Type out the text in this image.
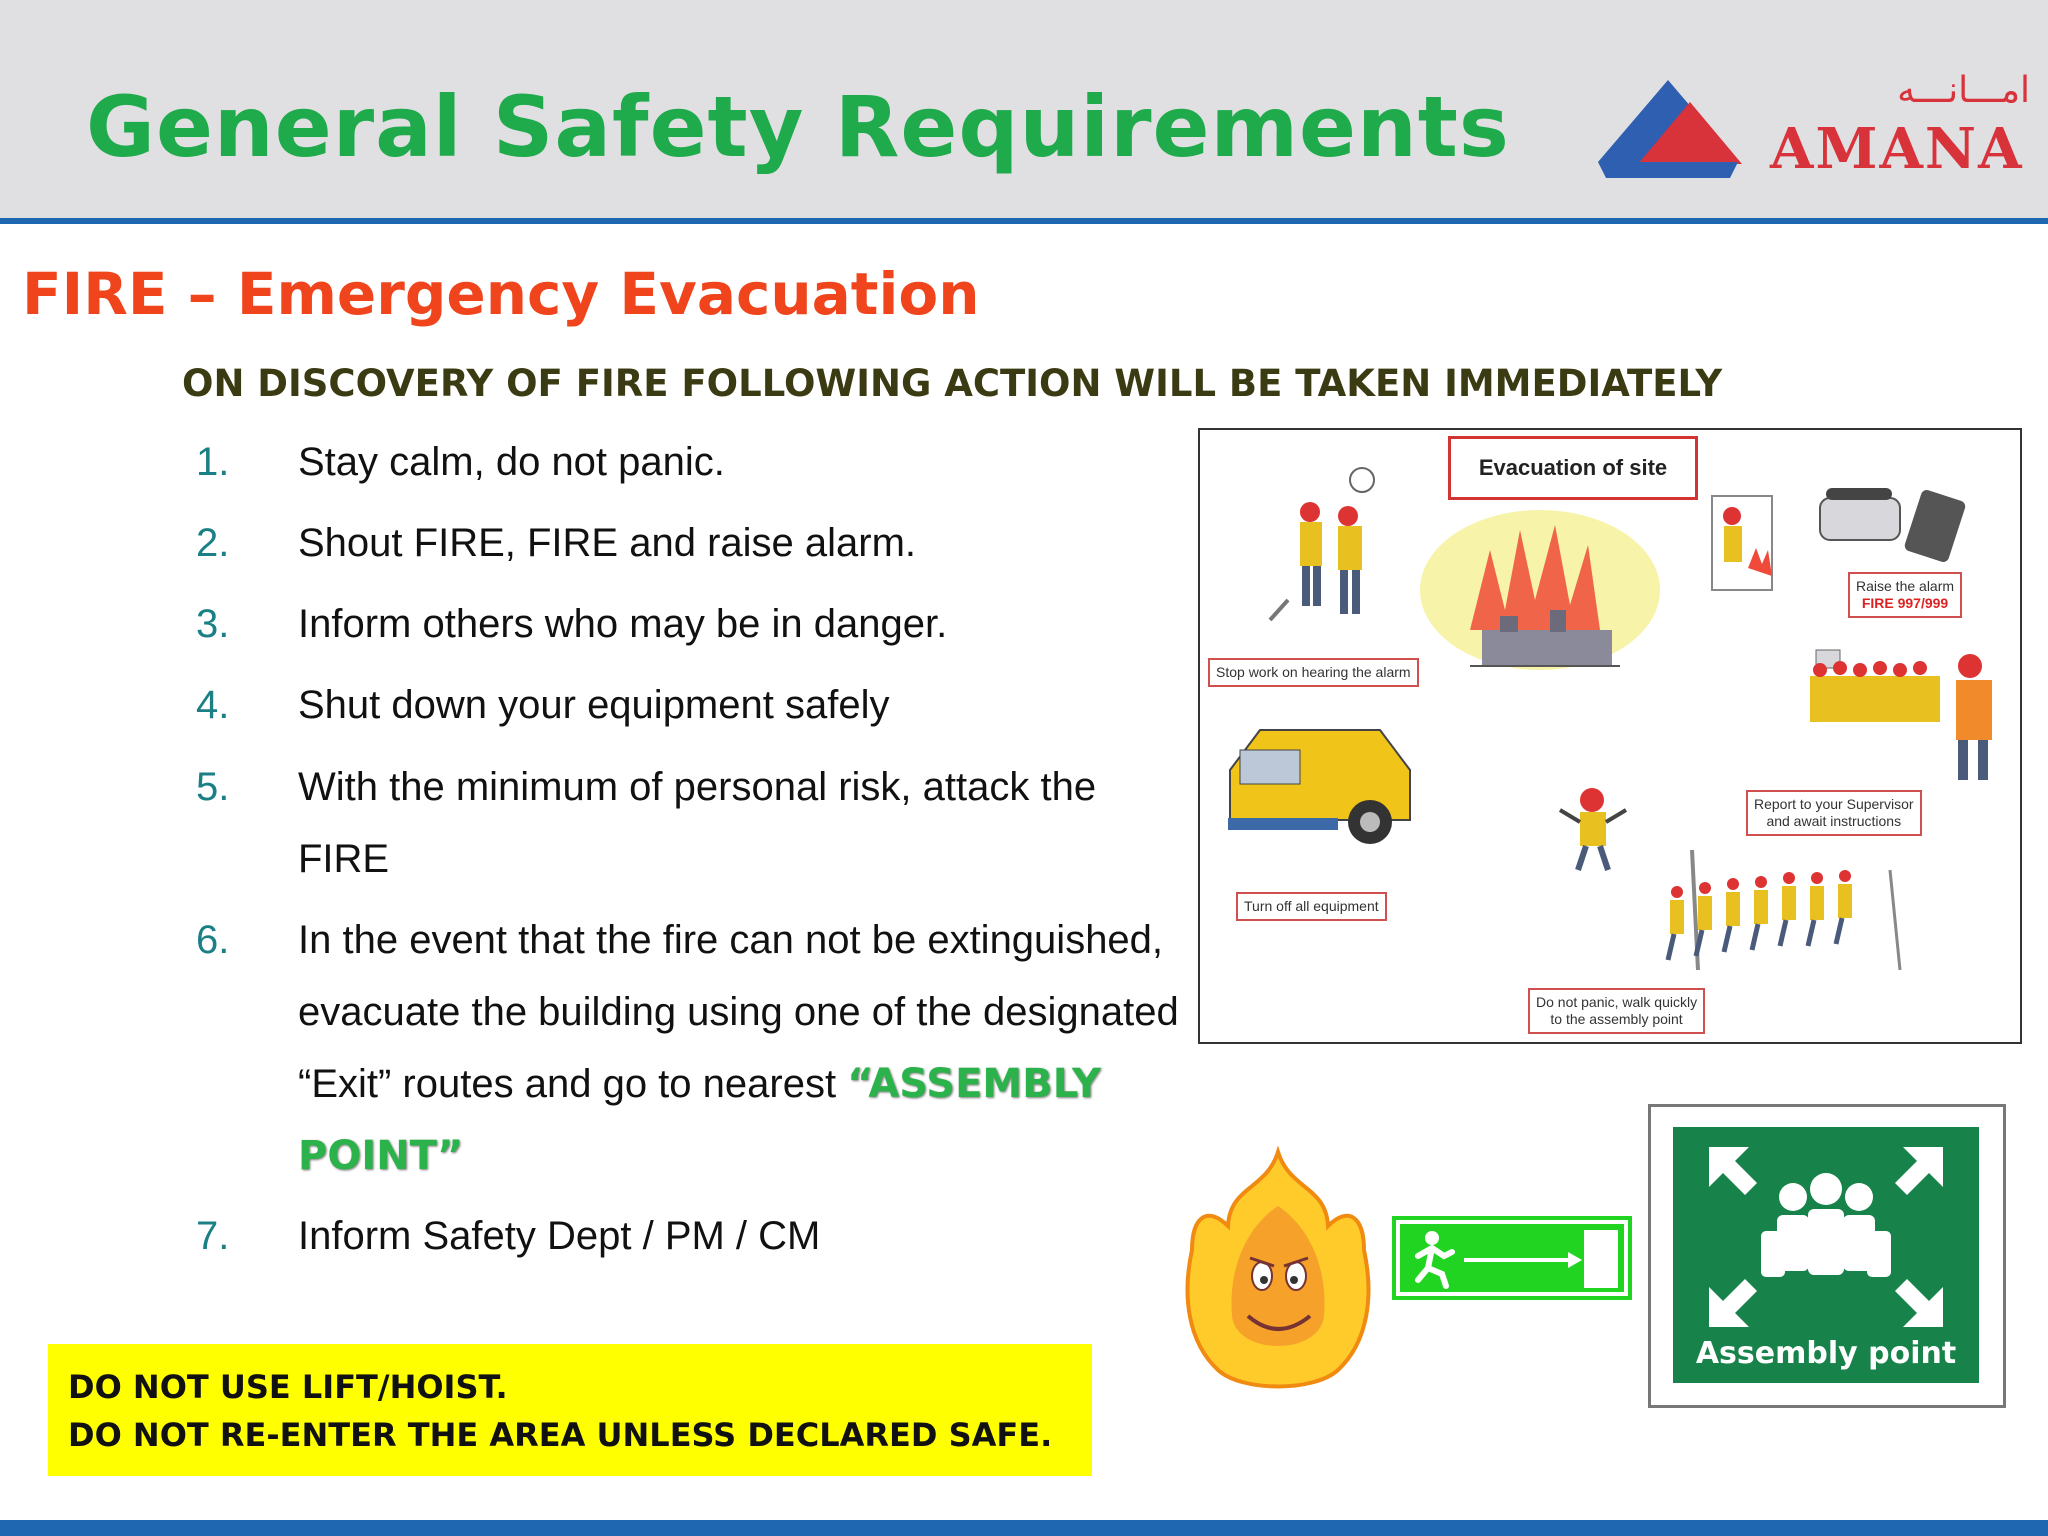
General Safety Requirements	امـــانـــه
AMANA
FIRE – Emergency Evacuation
ON DISCOVERY OF FIRE FOLLOWING ACTION WILL BE TAKEN IMMEDIATELY
1.	Stay calm, do not panic.
2.	Shout FIRE, FIRE and raise alarm.
3.	Inform others who may be in danger.
4.	Shut down your equipment safely
5.	With the minimum of personal risk, attack the FIRE
6.	In the event that the fire can not be extinguished, evacuate the building using one of the designated “Exit” routes and go to nearest “ASSEMBLY POINT”
7.	Inform Safety Dept / PM / CM
DO NOT USE LIFT/HOIST.
DO NOT RE-ENTER THE AREA UNLESS DECLARED SAFE.
Evacuation of site
Stop work on hearing the alarm
Raise the alarm
FIRE 997/999
Report to your Supervisor
and await instructions
Turn off all equipment
Do not panic, walk quickly
to the assembly point
Assembly point
